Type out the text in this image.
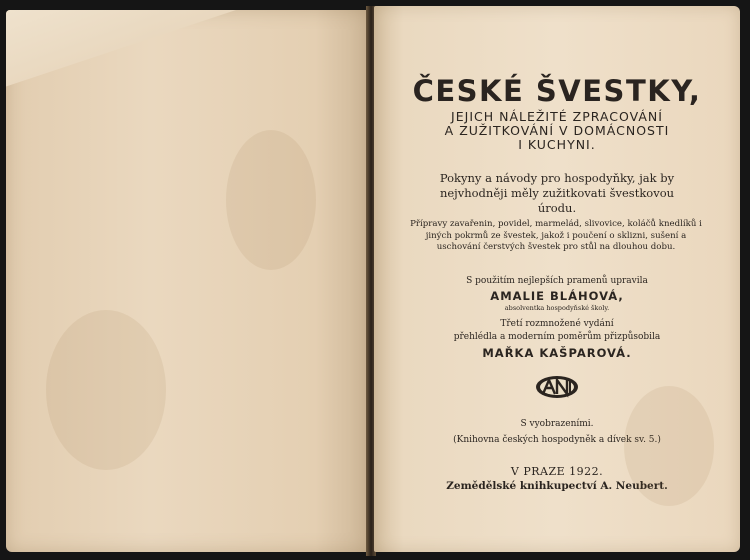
ČESKÉ ŠVESTKY,
JEJICH NÁLEŽITÉ ZPRACOVÁNÍ
A ZUŽITKOVÁNÍ V DOMÁCNOSTI
I KUCHYNI.
Pokyny a návody pro hospodyňky, jak by nejvhodněji měly zužitkovati švestkovou úrodu.
Přípravy zavařenin, povidel, marmelád, slivovice, koláčů knedlíků i jiných pokrmů ze švestek, jakož i poučení o sklizni, sušení a uschování čerstvých švestek pro stůl na dlouhou dobu.
S použitím nejlepších pramenů upravila
AMALIE BLÁHOVÁ,
absolventka hospodyňské školy.
Třetí rozmnožené vydání
přehlédla a moderním poměrům přizpůsobila
MAŘKA KAŠPAROVÁ.
S vyobrazeními.
(Knihovna českých hospodyněk a dívek sv. 5.)
V PRAZE 1922.
Zemědělské knihkupectví A. Neubert.
